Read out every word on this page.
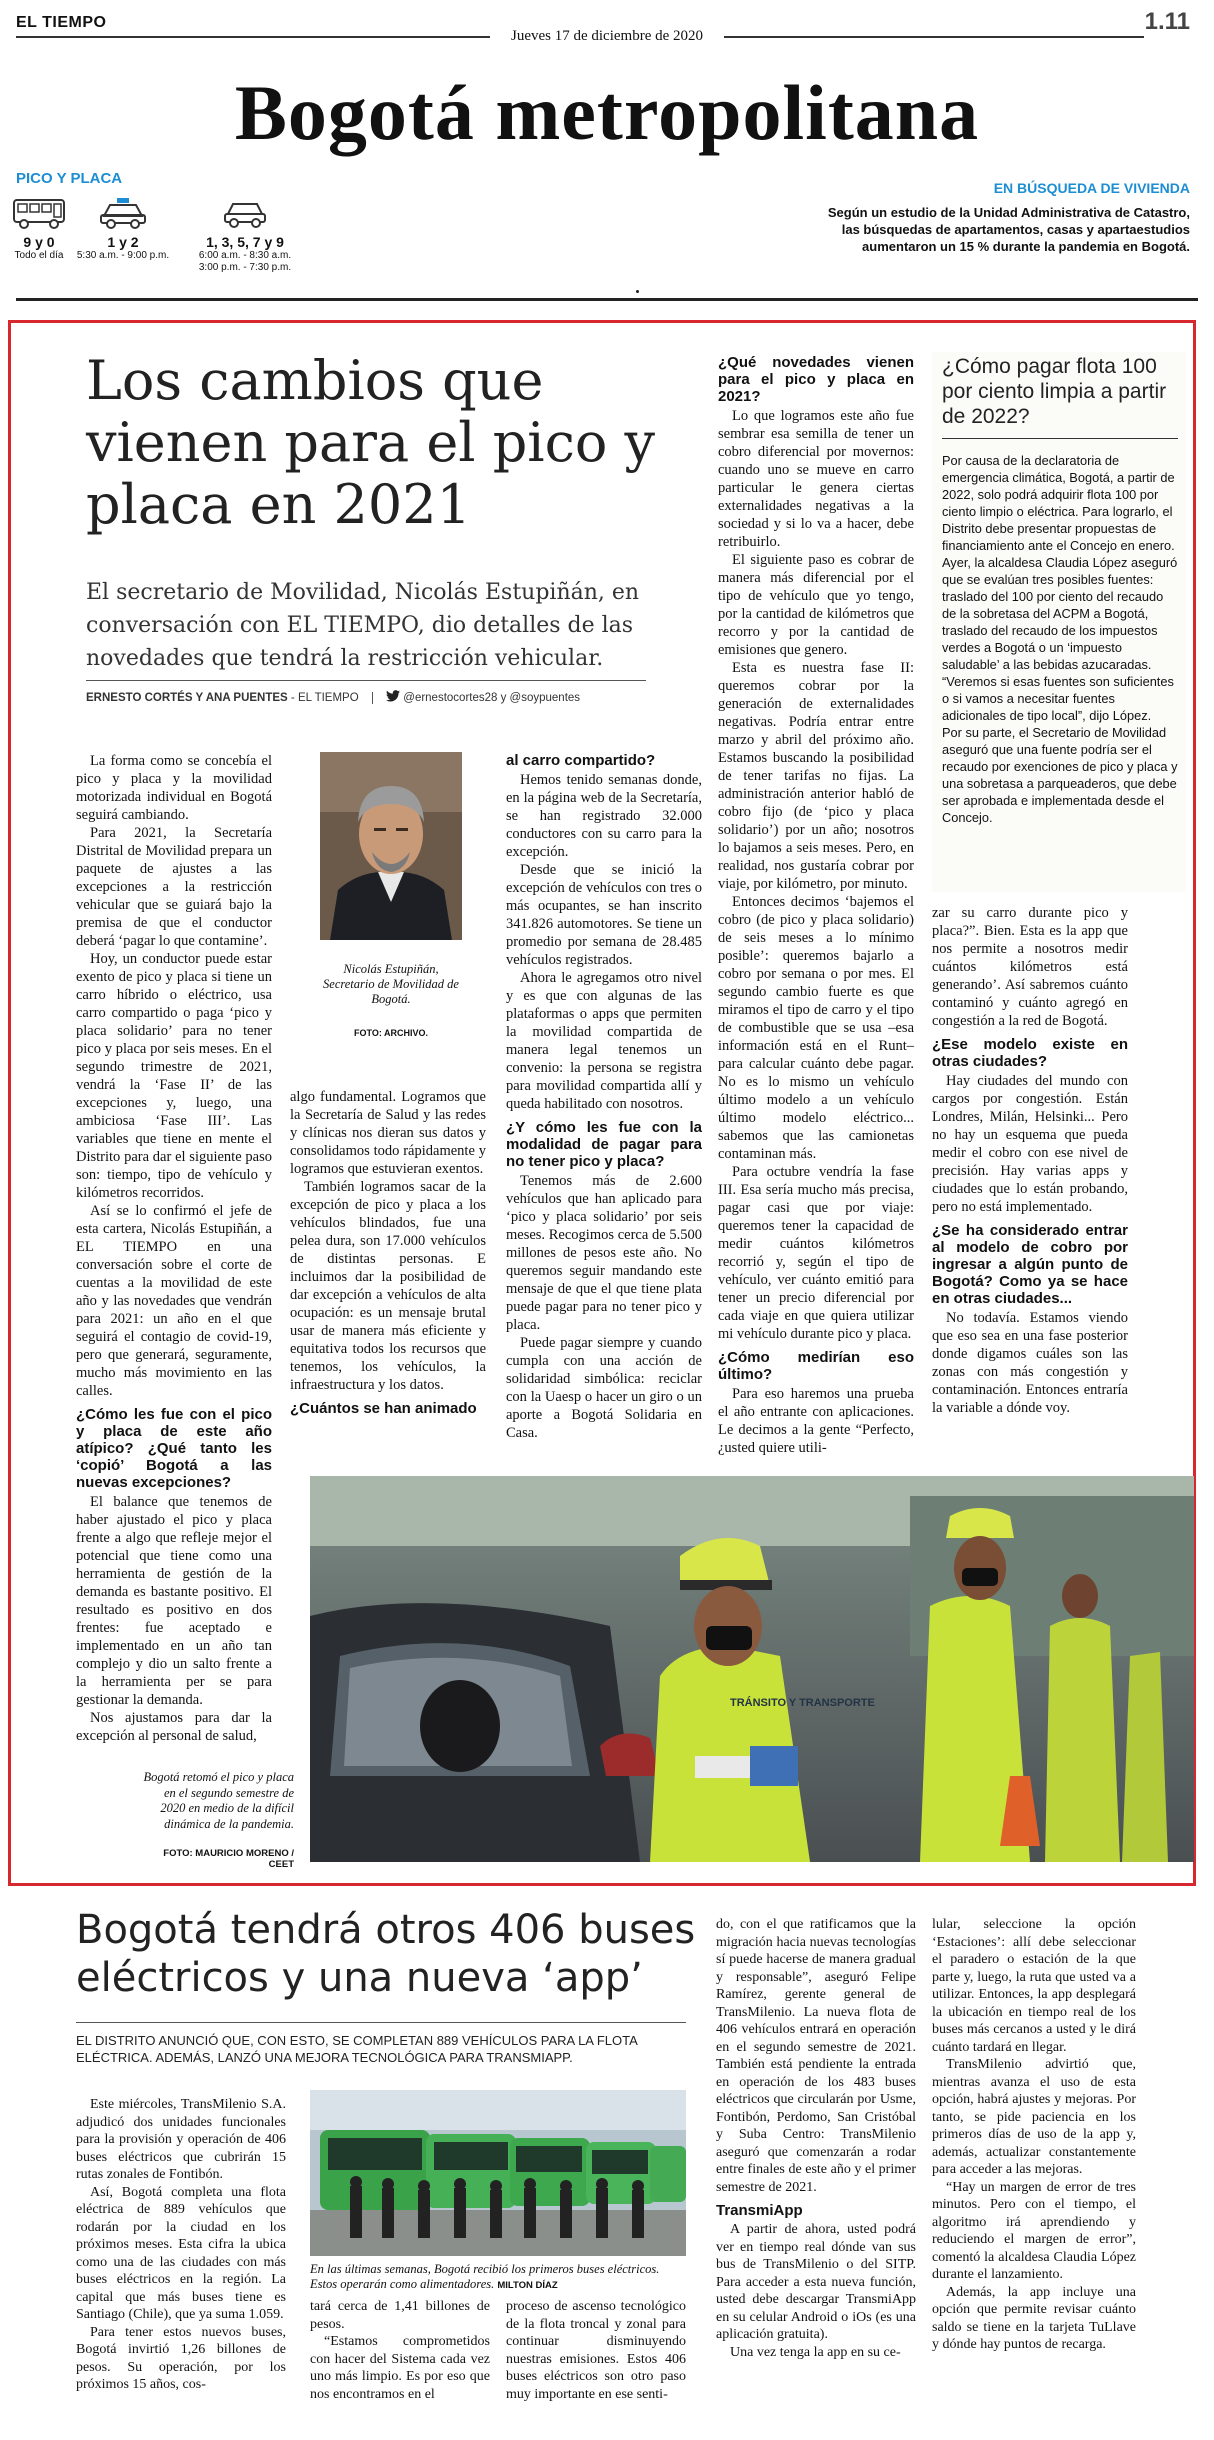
EL TIEMPO
Jueves 17 de diciembre de 2020
1.11
Bogotá metropolitana
PICO Y PLACA
9 y 0
Todo el día
1 y 2
5:30 a.m. - 9:00 p.m.
1, 3, 5, 7 y 9
6:00 a.m. - 8:30 a.m.
3:00 p.m. - 7:30 p.m.
EN BÚSQUEDA DE VIVIENDA
Según un estudio de la Unidad Administrativa de Catastro, las búsquedas de apartamentos, casas y apartaestudios aumentaron un 15 % durante la pandemia en Bogotá.
Los cambios que vienen para el pico y placa en 2021
El secretario de Movilidad, Nicolás Estupiñán, en conversación con EL TIEMPO, dio detalles de las novedades que tendrá la restricción vehicular.
ERNESTO CORTÉS Y ANA PUENTES - EL TIEMPO	@ernestocortes28 y @soypuentes

La forma como se concebía el pico y placa y la movilidad motorizada individual en Bogotá seguirá cambiando.

Para 2021, la Secretaría Distrital de Movilidad prepara un paquete de ajustes a las excepciones a la restricción vehicular que se guiará bajo la premisa de que el conductor deberá ‘pagar lo que contamine’.

Hoy, un conductor puede estar exento de pico y placa si tiene un carro híbrido o eléctrico, usa carro compartido o paga ‘pico y placa solidario’ para no tener pico y placa por seis meses. En el segundo trimestre de 2021, vendrá la ‘Fase II’ de las excepciones y, luego, una ambiciosa ‘Fase III’. Las variables que tiene en mente el Distrito para dar el siguiente paso son: tiempo, tipo de vehículo y kilómetros recorridos.

Así se lo confirmó el jefe de esta cartera, Nicolás Estupiñán, a EL TIEMPO en una conversación sobre el corte de cuentas a la movilidad de este año y las novedades que vendrán para 2021: un año en el que seguirá el contagio de covid-19, pero que generará, seguramente, mucho más movimiento en las calles.

¿Cómo les fue con el pico y placa de este año atípico? ¿Qué tanto les ‘copió’ Bogotá a las nuevas excepciones?

El balance que tenemos de haber ajustado el pico y placa frente a algo que refleje mejor el potencial que tiene como una herramienta de gestión de la demanda es bastante positivo. El resultado es positivo en dos frentes: fue aceptado e implementado en un año tan complejo y dio un salto frente a la herramienta per se para gestionar la demanda.

Nos ajustamos para dar la excepción al personal de salud,

Nicolás Estupiñán, Secretario de Movilidad de Bogotá.
FOTO: ARCHIVO.

algo fundamental. Logramos que la Secretaría de Salud y las redes y clínicas nos dieran sus datos y consolidamos todo rápidamente y logramos que estuvieran exentos.

También logramos sacar de la excepción de pico y placa a los vehículos blindados, fue una pelea dura, son 17.000 vehículos de distintas personas. E incluimos dar la posibilidad de dar excepción a vehículos de alta ocupación: es un mensaje brutal usar de manera más eficiente y equitativa todos los recursos que tenemos, los vehículos, la infraestructura y los datos.

¿Cuántos se han animado
al carro compartido?

Hemos tenido semanas donde, en la página web de la Secretaría, se han registrado 32.000 conductores con su carro para la excepción.

Desde que se inició la excepción de vehículos con tres o más ocupantes, se han inscrito 341.826 automotores. Se tiene un promedio por semana de 28.485 vehículos registrados.

Ahora le agregamos otro nivel y es que con algunas de las plataformas o apps que permiten la movilidad compartida de manera legal tenemos un convenio: la persona se registra para movilidad compartida allí y queda habilitado con nosotros.

¿Y cómo les fue con la modalidad de pagar para no tener pico y placa?

Tenemos más de 2.600 vehículos que han aplicado para ‘pico y placa solidario’ por seis meses. Recogimos cerca de 5.500 millones de pesos este año. No queremos seguir mandando este mensaje de que el que tiene plata puede pagar para no tener pico y placa.

Puede pagar siempre y cuando cumpla con una acción de solidaridad simbólica: reciclar con la Uaesp o hacer un giro o un aporte a Bogotá Solidaria en Casa.

¿Qué novedades vienen para el pico y placa en 2021?

Lo que logramos este año fue sembrar esa semilla de tener un cobro diferencial por movernos: cuando uno se mueve en carro particular le genera ciertas externalidades negativas a la sociedad y si lo va a hacer, debe retribuirlo.

El siguiente paso es cobrar de manera más diferencial por el tipo de vehículo que yo tengo, por la cantidad de kilómetros que recorro y por la cantidad de emisiones que genero.

Esta es nuestra fase II: queremos cobrar por la generación de externalidades negativas. Podría entrar entre marzo y abril del próximo año. Estamos buscando la posibilidad de tener tarifas no fijas. La administración anterior habló de cobro fijo (de ‘pico y placa solidario’) por un año; nosotros lo bajamos a seis meses. Pero, en realidad, nos gustaría cobrar por viaje, por kilómetro, por minuto.

Entonces decimos ‘bajemos el cobro (de pico y placa solidario) de seis meses a lo mínimo posible’: queremos bajarlo a cobro por semana o por mes. El segundo cambio fuerte es que miramos el tipo de carro y el tipo de combustible que se usa –esa información está en el Runt– para calcular cuánto debe pagar. No es lo mismo un vehículo último modelo a un vehículo último modelo eléctrico... sabemos que las camionetas contaminan más.

Para octubre vendría la fase III. Esa sería mucho más precisa, pagar casi que por viaje: queremos tener la capacidad de medir cuántos kilómetros recorrió y, según el tipo de vehículo, ver cuánto emitió para tener un precio diferencial por cada viaje en que quiera utilizar mi vehículo durante pico y placa.

¿Cómo medirían eso último?

Para eso haremos una prueba el año entrante con aplicaciones. Le decimos a la gente “Perfecto, ¿usted quiere utili-

¿Cómo pagar flota 100 por ciento limpia a partir de 2022?

Por causa de la declaratoria de emergencia climática, Bogotá, a partir de 2022, solo podrá adquirir flota 100 por ciento limpio o eléctrica. Para lograrlo, el Distrito debe presentar propuestas de financiamiento ante el Concejo en enero. Ayer, la alcaldesa Claudia López aseguró que se evalúan tres posibles fuentes: traslado del 100 por ciento del recaudo de la sobretasa del ACPM a Bogotá, traslado del recaudo de los impuestos verdes a Bogotá o un ‘impuesto saludable’ a las bebidas azucaradas. “Veremos si esas fuentes son suficientes o si vamos a necesitar fuentes adicionales de tipo local”, dijo López.

Por su parte, el Secretario de Movilidad aseguró que una fuente podría ser el recaudo por exenciones de pico y placa y una sobretasa a parqueaderos, que debe ser aprobada e implementada desde el Concejo.

zar su carro durante pico y placa?”. Bien. Esta es la app que nos permite a nosotros medir cuántos kilómetros está generando’. Así sabremos cuánto contaminó y cuánto agregó en congestión a la red de Bogotá.

¿Ese modelo existe en otras ciudades?

Hay ciudades del mundo con cargos por congestión. Están Londres, Milán, Helsinki... Pero no hay un esquema que pueda medir el cobro con ese nivel de precisión. Hay varias apps y ciudades que lo están probando, pero no está implementado.

¿Se ha considerado entrar al modelo de cobro por ingresar a algún punto de Bogotá? Como ya se hace en otras ciudades...

No todavía. Estamos viendo que eso sea en una fase posterior donde digamos cuáles son las zonas con más congestión y contaminación. Entonces entraría la variable a dónde voy.

TRÁNSITO Y TRANSPORTE
Bogotá retomó el pico y placa en el segundo semestre de 2020 en medio de la difícil dinámica de la pandemia.
FOTO: MAURICIO MORENO / CEET
Bogotá tendrá otros 406 buses eléctricos y una nueva ‘app’
EL DISTRITO ANUNCIÓ QUE, CON ESTO, SE COMPLETAN 889 VEHÍCULOS PARA LA FLOTA ELÉCTRICA. ADEMÁS, LANZÓ UNA MEJORA TECNOLÓGICA PARA TRANSMIAPP.

Este miércoles, TransMilenio S.A. adjudicó dos unidades funcionales para la provisión y operación de 406 buses eléctricos que cubrirán 15 rutas zonales de Fontibón.

Así, Bogotá completa una flota eléctrica de 889 vehículos que rodarán por la ciudad en los próximos meses. Esta cifra la ubica como una de las ciudades con más buses eléctricos en la región. La capital que más buses tiene es Santiago (Chile), que ya suma 1.059.

Para tener estos nuevos buses, Bogotá invirtió 1,26 billones de pesos. Su operación, por los próximos 15 años, cos-

En las últimas semanas, Bogotá recibió los primeros buses eléctricos. Estos operarán como alimentadores. MILTON DÍAZ

tará cerca de 1,41 billones de pesos.

“Estamos comprometidos con hacer del Sistema cada vez uno más limpio. Es por eso que nos encontramos en el

proceso de ascenso tecnológico de la flota troncal y zonal para continuar disminuyendo nuestras emisiones. Estos 406 buses eléctricos son otro paso muy importante en ese senti-

do, con el que ratificamos que la migración hacia nuevas tecnologías sí puede hacerse de manera gradual y responsable”, aseguró Felipe Ramírez, gerente general de TransMilenio. La nueva flota de 406 vehículos entrará en operación en el segundo semestre de 2021. También está pendiente la entrada en operación de los 483 buses eléctricos que circularán por Usme, Fontibón, Perdomo, San Cristóbal y Suba Centro: TransMilenio aseguró que comenzarán a rodar entre finales de este año y el primer semestre de 2021.

TransmiApp

A partir de ahora, usted podrá ver en tiempo real dónde van sus bus de TransMilenio o del SITP. Para acceder a esta nueva función, usted debe descargar TransmiApp en su celular Android o iOs (es una aplicación gratuita).

Una vez tenga la app en su ce-

lular, seleccione la opción ‘Estaciones’: allí debe seleccionar el paradero o estación de la que parte y, luego, la ruta que usted va a utilizar. Entonces, la app desplegará la ubicación en tiempo real de los buses más cercanos a usted y le dirá cuánto tardará en llegar.

TransMilenio advirtió que, mientras avanza el uso de esta opción, habrá ajustes y mejoras. Por tanto, se pide paciencia en los primeros días de uso de la app y, además, actualizar constantemente para acceder a las mejoras.

“Hay un margen de error de tres minutos. Pero con el tiempo, el algoritmo irá aprendiendo y reduciendo el margen de error”, comentó la alcaldesa Claudia López durante el lanzamiento.

Además, la app incluye una opción que permite revisar cuánto saldo se tiene en la tarjeta TuLlave y dónde hay puntos de recarga.
